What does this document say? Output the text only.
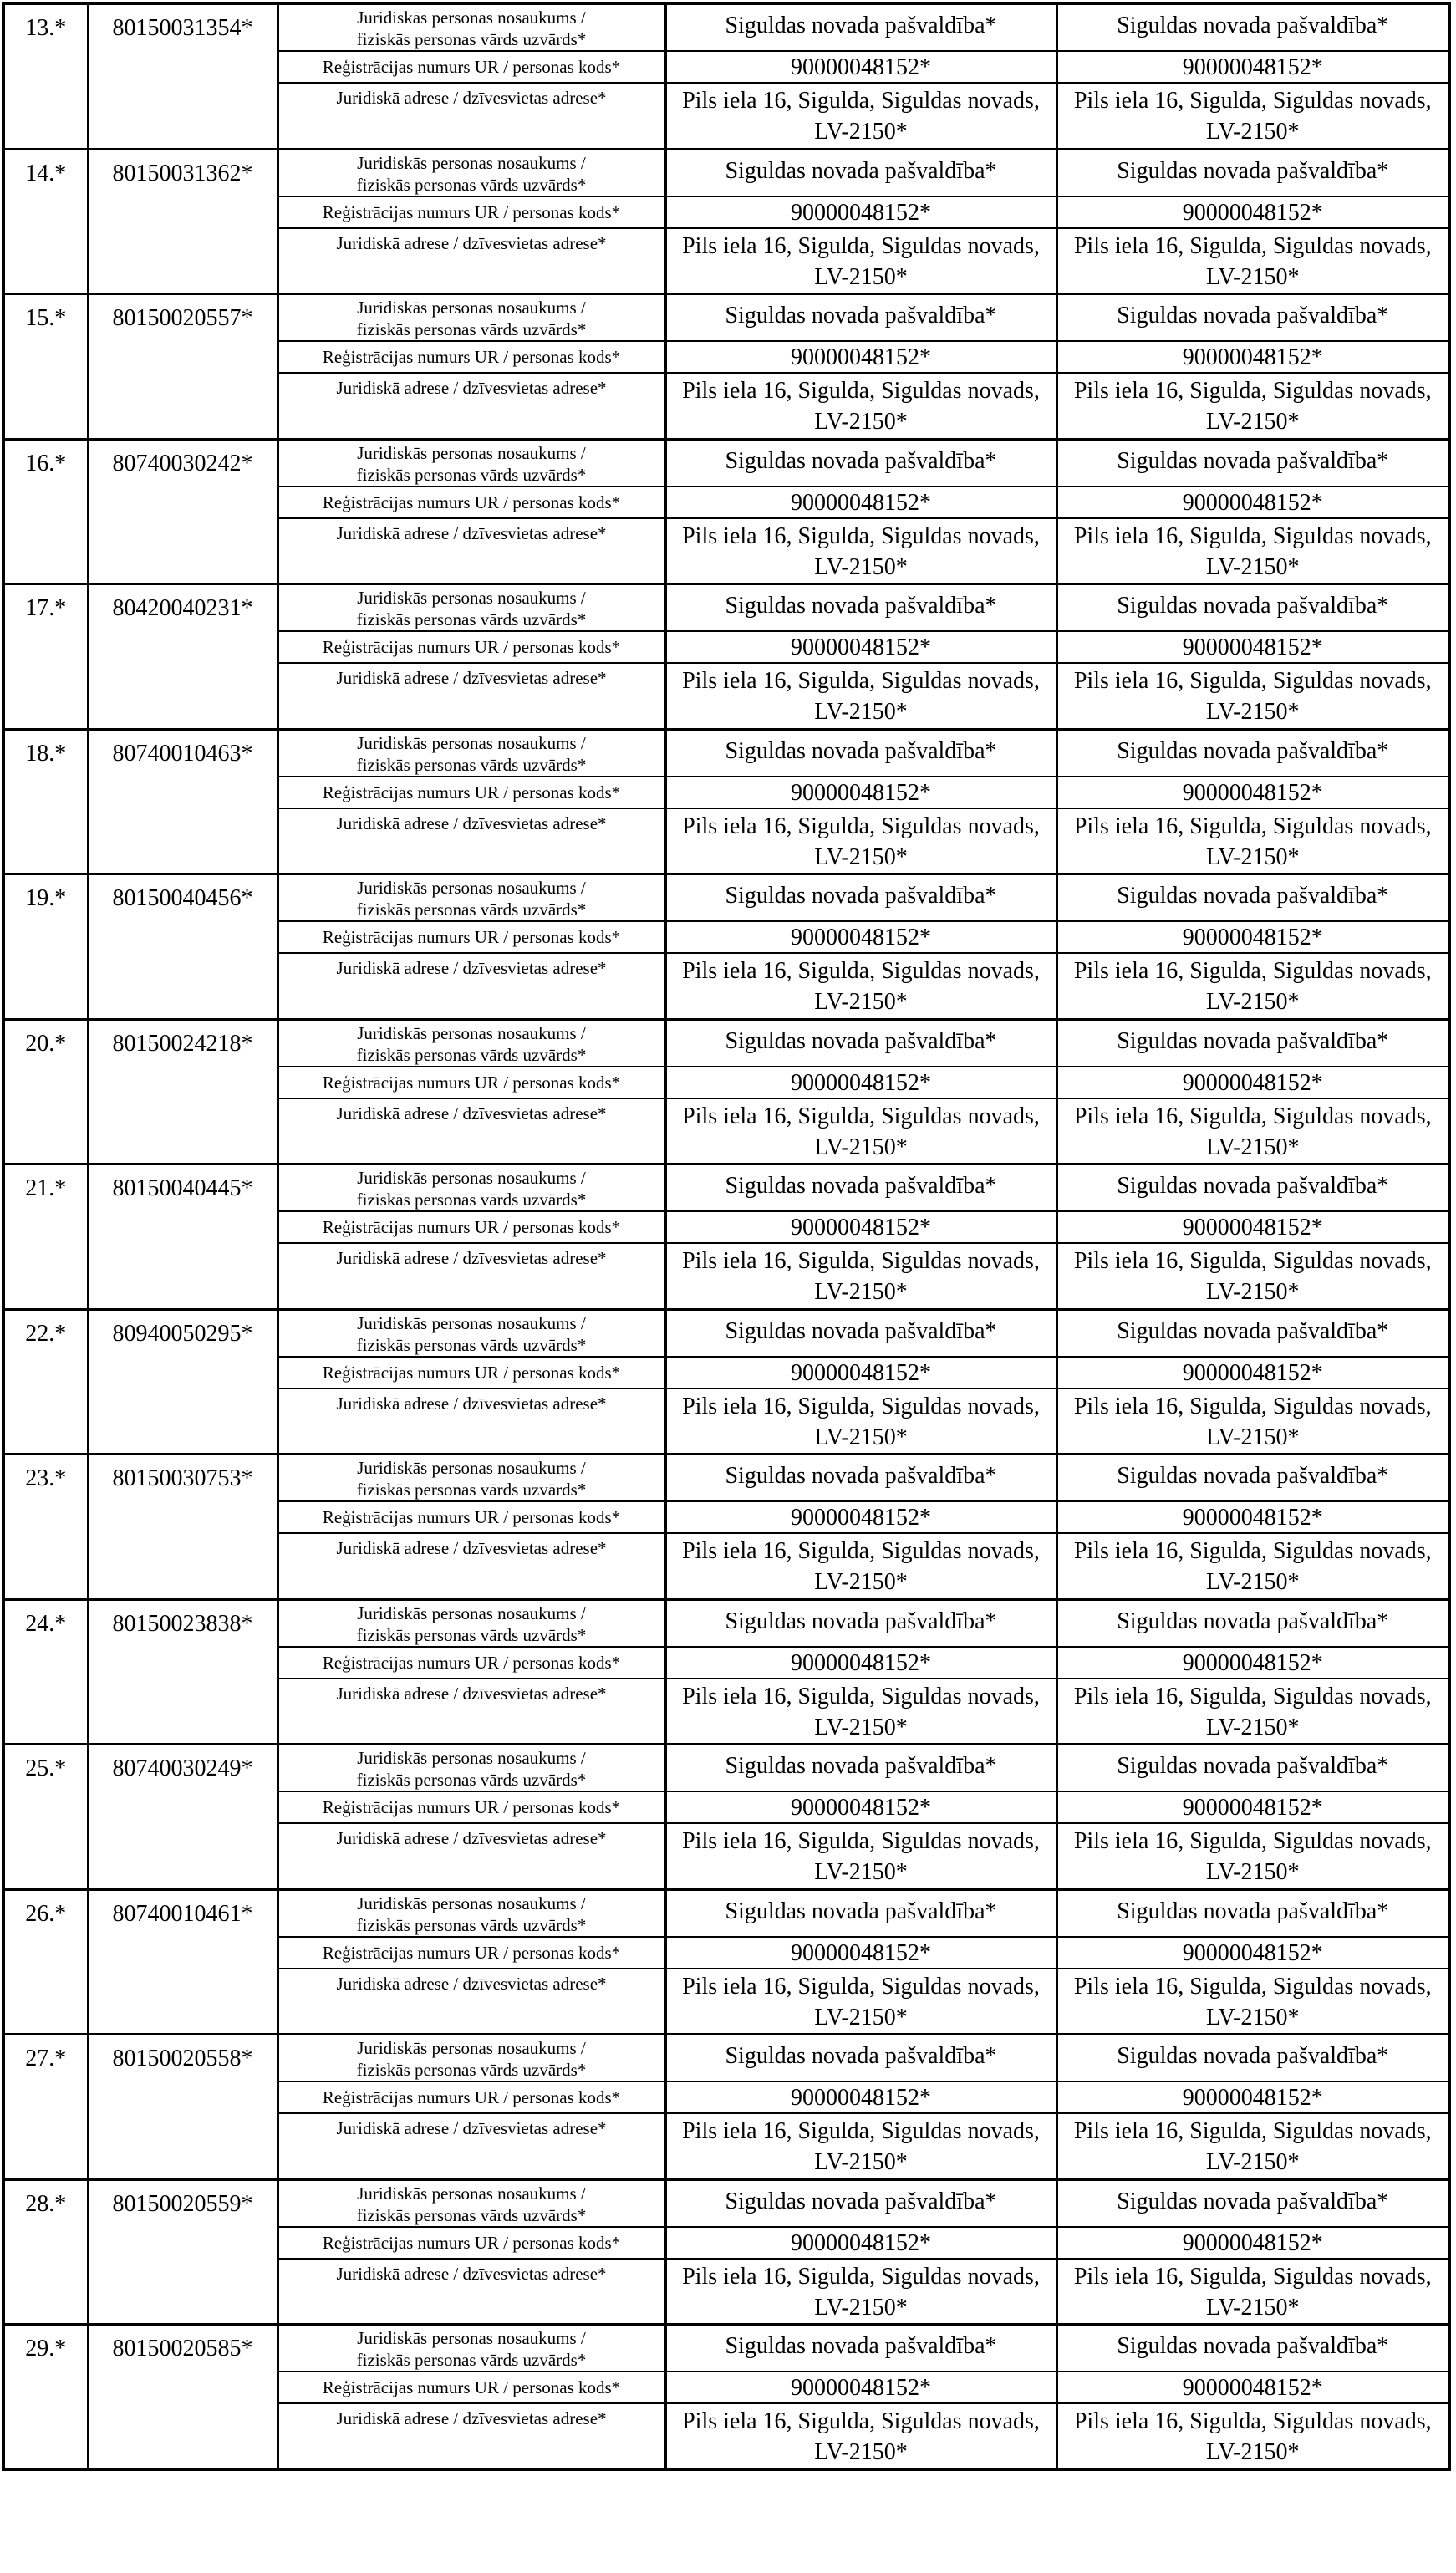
13.*	80150031354*	Juridiskās personas nosaukums /
fiziskās personas vārds uzvārds*	Siguldas novada pašvaldība*	Siguldas novada pašvaldība*
		Reģistrācijas numurs UR / personas kods*	90000048152*	90000048152*
		Juridiskā adrese / dzīvesvietas adrese*	Pils iela 16, Sigulda, Siguldas novads,
LV-2150*	Pils iela 16, Sigulda, Siguldas novads,
LV-2150*

14.*	80150031362*	Juridiskās personas nosaukums /
fiziskās personas vārds uzvārds*	Siguldas novada pašvaldība*	Siguldas novada pašvaldība*
		Reģistrācijas numurs UR / personas kods*	90000048152*	90000048152*
		Juridiskā adrese / dzīvesvietas adrese*	Pils iela 16, Sigulda, Siguldas novads,
LV-2150*	Pils iela 16, Sigulda, Siguldas novads,
LV-2150*

15.*	80150020557*	Juridiskās personas nosaukums /
fiziskās personas vārds uzvārds*	Siguldas novada pašvaldība*	Siguldas novada pašvaldība*
		Reģistrācijas numurs UR / personas kods*	90000048152*	90000048152*
		Juridiskā adrese / dzīvesvietas adrese*	Pils iela 16, Sigulda, Siguldas novads,
LV-2150*	Pils iela 16, Sigulda, Siguldas novads,
LV-2150*

16.*	80740030242*	Juridiskās personas nosaukums /
fiziskās personas vārds uzvārds*	Siguldas novada pašvaldība*	Siguldas novada pašvaldība*
		Reģistrācijas numurs UR / personas kods*	90000048152*	90000048152*
		Juridiskā adrese / dzīvesvietas adrese*	Pils iela 16, Sigulda, Siguldas novads,
LV-2150*	Pils iela 16, Sigulda, Siguldas novads,
LV-2150*

17.*	80420040231*	Juridiskās personas nosaukums /
fiziskās personas vārds uzvārds*	Siguldas novada pašvaldība*	Siguldas novada pašvaldība*
		Reģistrācijas numurs UR / personas kods*	90000048152*	90000048152*
		Juridiskā adrese / dzīvesvietas adrese*	Pils iela 16, Sigulda, Siguldas novads,
LV-2150*	Pils iela 16, Sigulda, Siguldas novads,
LV-2150*

18.*	80740010463*	Juridiskās personas nosaukums /
fiziskās personas vārds uzvārds*	Siguldas novada pašvaldība*	Siguldas novada pašvaldība*
		Reģistrācijas numurs UR / personas kods*	90000048152*	90000048152*
		Juridiskā adrese / dzīvesvietas adrese*	Pils iela 16, Sigulda, Siguldas novads,
LV-2150*	Pils iela 16, Sigulda, Siguldas novads,
LV-2150*

19.*	80150040456*	Juridiskās personas nosaukums /
fiziskās personas vārds uzvārds*	Siguldas novada pašvaldība*	Siguldas novada pašvaldība*
		Reģistrācijas numurs UR / personas kods*	90000048152*	90000048152*
		Juridiskā adrese / dzīvesvietas adrese*	Pils iela 16, Sigulda, Siguldas novads,
LV-2150*	Pils iela 16, Sigulda, Siguldas novads,
LV-2150*

20.*	80150024218*	Juridiskās personas nosaukums /
fiziskās personas vārds uzvārds*	Siguldas novada pašvaldība*	Siguldas novada pašvaldība*
		Reģistrācijas numurs UR / personas kods*	90000048152*	90000048152*
		Juridiskā adrese / dzīvesvietas adrese*	Pils iela 16, Sigulda, Siguldas novads,
LV-2150*	Pils iela 16, Sigulda, Siguldas novads,
LV-2150*

21.*	80150040445*	Juridiskās personas nosaukums /
fiziskās personas vārds uzvārds*	Siguldas novada pašvaldība*	Siguldas novada pašvaldība*
		Reģistrācijas numurs UR / personas kods*	90000048152*	90000048152*
		Juridiskā adrese / dzīvesvietas adrese*	Pils iela 16, Sigulda, Siguldas novads,
LV-2150*	Pils iela 16, Sigulda, Siguldas novads,
LV-2150*

22.*	80940050295*	Juridiskās personas nosaukums /
fiziskās personas vārds uzvārds*	Siguldas novada pašvaldība*	Siguldas novada pašvaldība*
		Reģistrācijas numurs UR / personas kods*	90000048152*	90000048152*
		Juridiskā adrese / dzīvesvietas adrese*	Pils iela 16, Sigulda, Siguldas novads,
LV-2150*	Pils iela 16, Sigulda, Siguldas novads,
LV-2150*

23.*	80150030753*	Juridiskās personas nosaukums /
fiziskās personas vārds uzvārds*	Siguldas novada pašvaldība*	Siguldas novada pašvaldība*
		Reģistrācijas numurs UR / personas kods*	90000048152*	90000048152*
		Juridiskā adrese / dzīvesvietas adrese*	Pils iela 16, Sigulda, Siguldas novads,
LV-2150*	Pils iela 16, Sigulda, Siguldas novads,
LV-2150*

24.*	80150023838*	Juridiskās personas nosaukums /
fiziskās personas vārds uzvārds*	Siguldas novada pašvaldība*	Siguldas novada pašvaldība*
		Reģistrācijas numurs UR / personas kods*	90000048152*	90000048152*
		Juridiskā adrese / dzīvesvietas adrese*	Pils iela 16, Sigulda, Siguldas novads,
LV-2150*	Pils iela 16, Sigulda, Siguldas novads,
LV-2150*

25.*	80740030249*	Juridiskās personas nosaukums /
fiziskās personas vārds uzvārds*	Siguldas novada pašvaldība*	Siguldas novada pašvaldība*
		Reģistrācijas numurs UR / personas kods*	90000048152*	90000048152*
		Juridiskā adrese / dzīvesvietas adrese*	Pils iela 16, Sigulda, Siguldas novads,
LV-2150*	Pils iela 16, Sigulda, Siguldas novads,
LV-2150*

26.*	80740010461*	Juridiskās personas nosaukums /
fiziskās personas vārds uzvārds*	Siguldas novada pašvaldība*	Siguldas novada pašvaldība*
		Reģistrācijas numurs UR / personas kods*	90000048152*	90000048152*
		Juridiskā adrese / dzīvesvietas adrese*	Pils iela 16, Sigulda, Siguldas novads,
LV-2150*	Pils iela 16, Sigulda, Siguldas novads,
LV-2150*

27.*	80150020558*	Juridiskās personas nosaukums /
fiziskās personas vārds uzvārds*	Siguldas novada pašvaldība*	Siguldas novada pašvaldība*
		Reģistrācijas numurs UR / personas kods*	90000048152*	90000048152*
		Juridiskā adrese / dzīvesvietas adrese*	Pils iela 16, Sigulda, Siguldas novads,
LV-2150*	Pils iela 16, Sigulda, Siguldas novads,
LV-2150*

28.*	80150020559*	Juridiskās personas nosaukums /
fiziskās personas vārds uzvārds*	Siguldas novada pašvaldība*	Siguldas novada pašvaldība*
		Reģistrācijas numurs UR / personas kods*	90000048152*	90000048152*
		Juridiskā adrese / dzīvesvietas adrese*	Pils iela 16, Sigulda, Siguldas novads,
LV-2150*	Pils iela 16, Sigulda, Siguldas novads,
LV-2150*

29.*	80150020585*	Juridiskās personas nosaukums /
fiziskās personas vārds uzvārds*	Siguldas novada pašvaldība*	Siguldas novada pašvaldība*
		Reģistrācijas numurs UR / personas kods*	90000048152*	90000048152*
		Juridiskā adrese / dzīvesvietas adrese*	Pils iela 16, Sigulda, Siguldas novads,
LV-2150*	Pils iela 16, Sigulda, Siguldas novads,
LV-2150*
